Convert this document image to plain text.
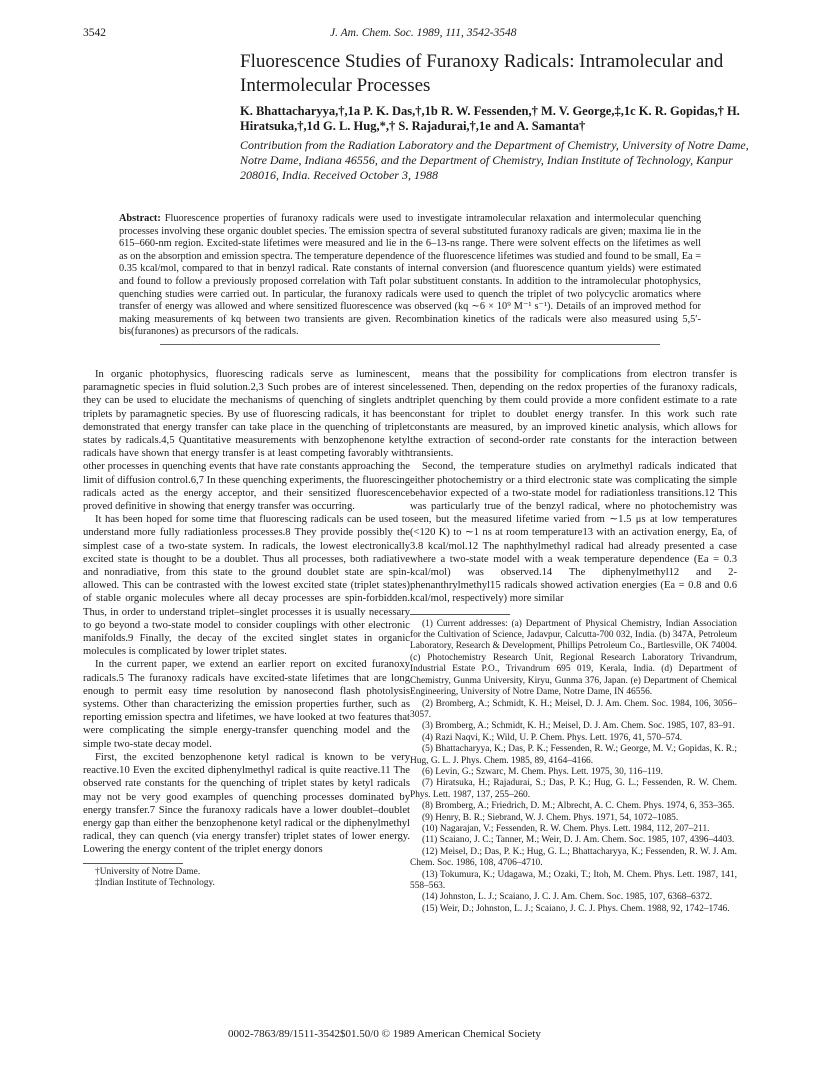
3542	J. Am. Chem. Soc. 1989, 111, 3542-3548
Fluorescence Studies of Furanoxy Radicals: Intramolecular and Intermolecular Processes
K. Bhattacharyya,†,1a P. K. Das,†,1b R. W. Fessenden,† M. V. George,‡,1c K. R. Gopidas,† H. Hiratsuka,†,1d G. L. Hug,*,† S. Rajadurai,†,1e and A. Samanta†
Contribution from the Radiation Laboratory and the Department of Chemistry, University of Notre Dame, Notre Dame, Indiana 46556, and the Department of Chemistry, Indian Institute of Technology, Kanpur 208016, India. Received October 3, 1988
Abstract: Fluorescence properties of furanoxy radicals were used to investigate intramolecular relaxation and intermolecular quenching processes involving these organic doublet species. The emission spectra of several substituted furanoxy radicals are given; maxima lie in the 615–660-nm region. Excited-state lifetimes were measured and lie in the 6–13-ns range. There were solvent effects on the lifetimes as well as on the absorption and emission spectra. The temperature dependence of the fluorescence lifetimes was studied and found to be small, Ea = 0.35 kcal/mol, compared to that in benzyl radical. Rate constants of internal conversion (and fluorescence quantum yields) were estimated and found to follow a previously proposed correlation with Taft polar substituent constants. In addition to the intramolecular photophysics, quenching studies were carried out. In particular, the furanoxy radicals were used to quench the triplet of two polycyclic aromatics where transfer of energy was allowed and where sensitized fluorescence was observed (kq ∼6 × 10⁹ M⁻¹ s⁻¹). Details of an improved method for making measurements of kq between two transients are given. Recombination kinetics of the radicals were also measured using 5,5′-bis(furanones) as precursors of the radicals.

In organic photophysics, fluorescing radicals serve as luminescent, paramagnetic species in fluid solution.2,3 Such probes are of interest since they can be used to elucidate the mechanisms of quenching of singlets and triplets by paramagnetic species. By use of fluorescing radicals, it has been demonstrated that energy transfer can take place in the quenching of triplet states by radicals.4,5 Quantitative measurements with benzophenone ketyl radicals have shown that energy transfer is at least competing favorably with other processes in quenching events that have rate constants approaching the limit of diffusion control.6,7 In these quenching experiments, the fluorescing radicals acted as the energy acceptor, and their sensitized fluorescence proved definitive in showing that energy transfer was occurring.

It has been hoped for some time that fluorescing radicals can be used to understand more fully radiationless processes.8 They provide possibly the simplest case of a two-state system. In radicals, the lowest electronically excited state is thought to be a doublet. Thus all processes, both radiative and nonradiative, from this state to the ground doublet state are spin-allowed. This can be contrasted with the lowest excited state (triplet states) of stable organic molecules where all decay processes are spin-forbidden. Thus, in order to understand triplet–singlet processes it is usually necessary to go beyond a two-state model to consider couplings with other electronic manifolds.9 Finally, the decay of the excited singlet states in organic molecules is complicated by lower triplet states.

In the current paper, we extend an earlier report on excited furanoxy radicals.5 The furanoxy radicals have excited-state lifetimes that are long enough to permit easy time resolution by nanosecond flash photolysis systems. Other than characterizing the emission properties further, such as reporting emission spectra and lifetimes, we have looked at two features that were complicating the simple energy-transfer quenching model and the simple two-state decay model.

First, the excited benzophenone ketyl radical is known to be very reactive.10 Even the excited diphenylmethyl radical is quite reactive.11 The observed rate constants for the quenching of triplet states by ketyl radicals may not be very good examples of quenching processes dominated by energy transfer.7 Since the furanoxy radicals have a lower doublet–doublet energy gap than either the benzophenone ketyl radical or the diphenylmethyl radical, they can quench (via energy transfer) triplet states of lower energy. Lowering the energy content of the triplet energy donors

†University of Notre Dame.

‡Indian Institute of Technology.

means that the possibility for complications from electron transfer is lessened. Then, depending on the redox properties of the furanoxy radicals, triplet quenching by them could provide a more confident estimate to a rate constant for triplet to doublet energy transfer. In this work such rate constants are measured, by an improved kinetic analysis, which allows for the extraction of second-order rate constants for the interaction between transients.

Second, the temperature studies on arylmethyl radicals indicated that either photochemistry or a third electronic state was complicating the simple behavior expected of a two-state model for radiationless transitions.12 This was particularly true of the benzyl radical, where no photochemistry was seen, but the measured lifetime varied from ∼1.5 μs at low temperatures (<120 K) to ∼1 ns at room temperature13 with an activation energy, Ea, of 3.8 kcal/mol.12 The naphthylmethyl radical had already presented a case where a two-state model with a weak temperature dependence (Ea = 0.3 kcal/mol) was observed.14 The diphenylmethyl12 and 2-phenanthrylmethyl15 radicals showed activation energies (Ea = 0.8 and 0.6 kcal/mol, respectively) more similar

(1) Current addresses: (a) Department of Physical Chemistry, Indian Association for the Cultivation of Science, Jadavpur, Calcutta-700 032, India. (b) 347A, Petroleum Laboratory, Research & Development, Phillips Petroleum Co., Bartlesville, OK 74004. (c) Photochemistry Research Unit, Regional Research Laboratory Trivandrum, Industrial Estate P.O., Trivandrum 695 019, Kerala, India. (d) Department of Chemistry, Gunma University, Kiryu, Gunma 376, Japan. (e) Department of Chemical Engineering, University of Notre Dame, Notre Dame, IN 46556.

(2) Bromberg, A.; Schmidt, K. H.; Meisel, D. J. Am. Chem. Soc. 1984, 106, 3056–3057.

(3) Bromberg, A.; Schmidt, K. H.; Meisel, D. J. Am. Chem. Soc. 1985, 107, 83–91.

(4) Razi Naqvi, K.; Wild, U. P. Chem. Phys. Lett. 1976, 41, 570–574.

(5) Bhattacharyya, K.; Das, P. K.; Fessenden, R. W.; George, M. V.; Gopidas, K. R.; Hug, G. L. J. Phys. Chem. 1985, 89, 4164–4166.

(6) Levin, G.; Szwarc, M. Chem. Phys. Lett. 1975, 30, 116–119.

(7) Hiratsuka, H.; Rajadurai, S.; Das, P. K.; Hug, G. L.; Fessenden, R. W. Chem. Phys. Lett. 1987, 137, 255–260.

(8) Bromberg, A.; Friedrich, D. M.; Albrecht, A. C. Chem. Phys. 1974, 6, 353–365.

(9) Henry, B. R.; Siebrand, W. J. Chem. Phys. 1971, 54, 1072–1085.

(10) Nagarajan, V.; Fessenden, R. W. Chem. Phys. Lett. 1984, 112, 207–211.

(11) Scaiano, J. C.; Tanner, M.; Weir, D. J. Am. Chem. Soc. 1985, 107, 4396–4403.

(12) Meisel, D.; Das, P. K.; Hug, G. L.; Bhattacharyya, K.; Fessenden, R. W. J. Am. Chem. Soc. 1986, 108, 4706–4710.

(13) Tokumura, K.; Udagawa, M.; Ozaki, T.; Itoh, M. Chem. Phys. Lett. 1987, 141, 558–563.

(14) Johnston, L. J.; Scaiano, J. C. J. Am. Chem. Soc. 1985, 107, 6368–6372.

(15) Weir, D.; Johnston, L. J.; Scaiano, J. C. J. Phys. Chem. 1988, 92, 1742–1746.

0002-7863/89/1511-3542$01.50/0 © 1989 American Chemical Society
